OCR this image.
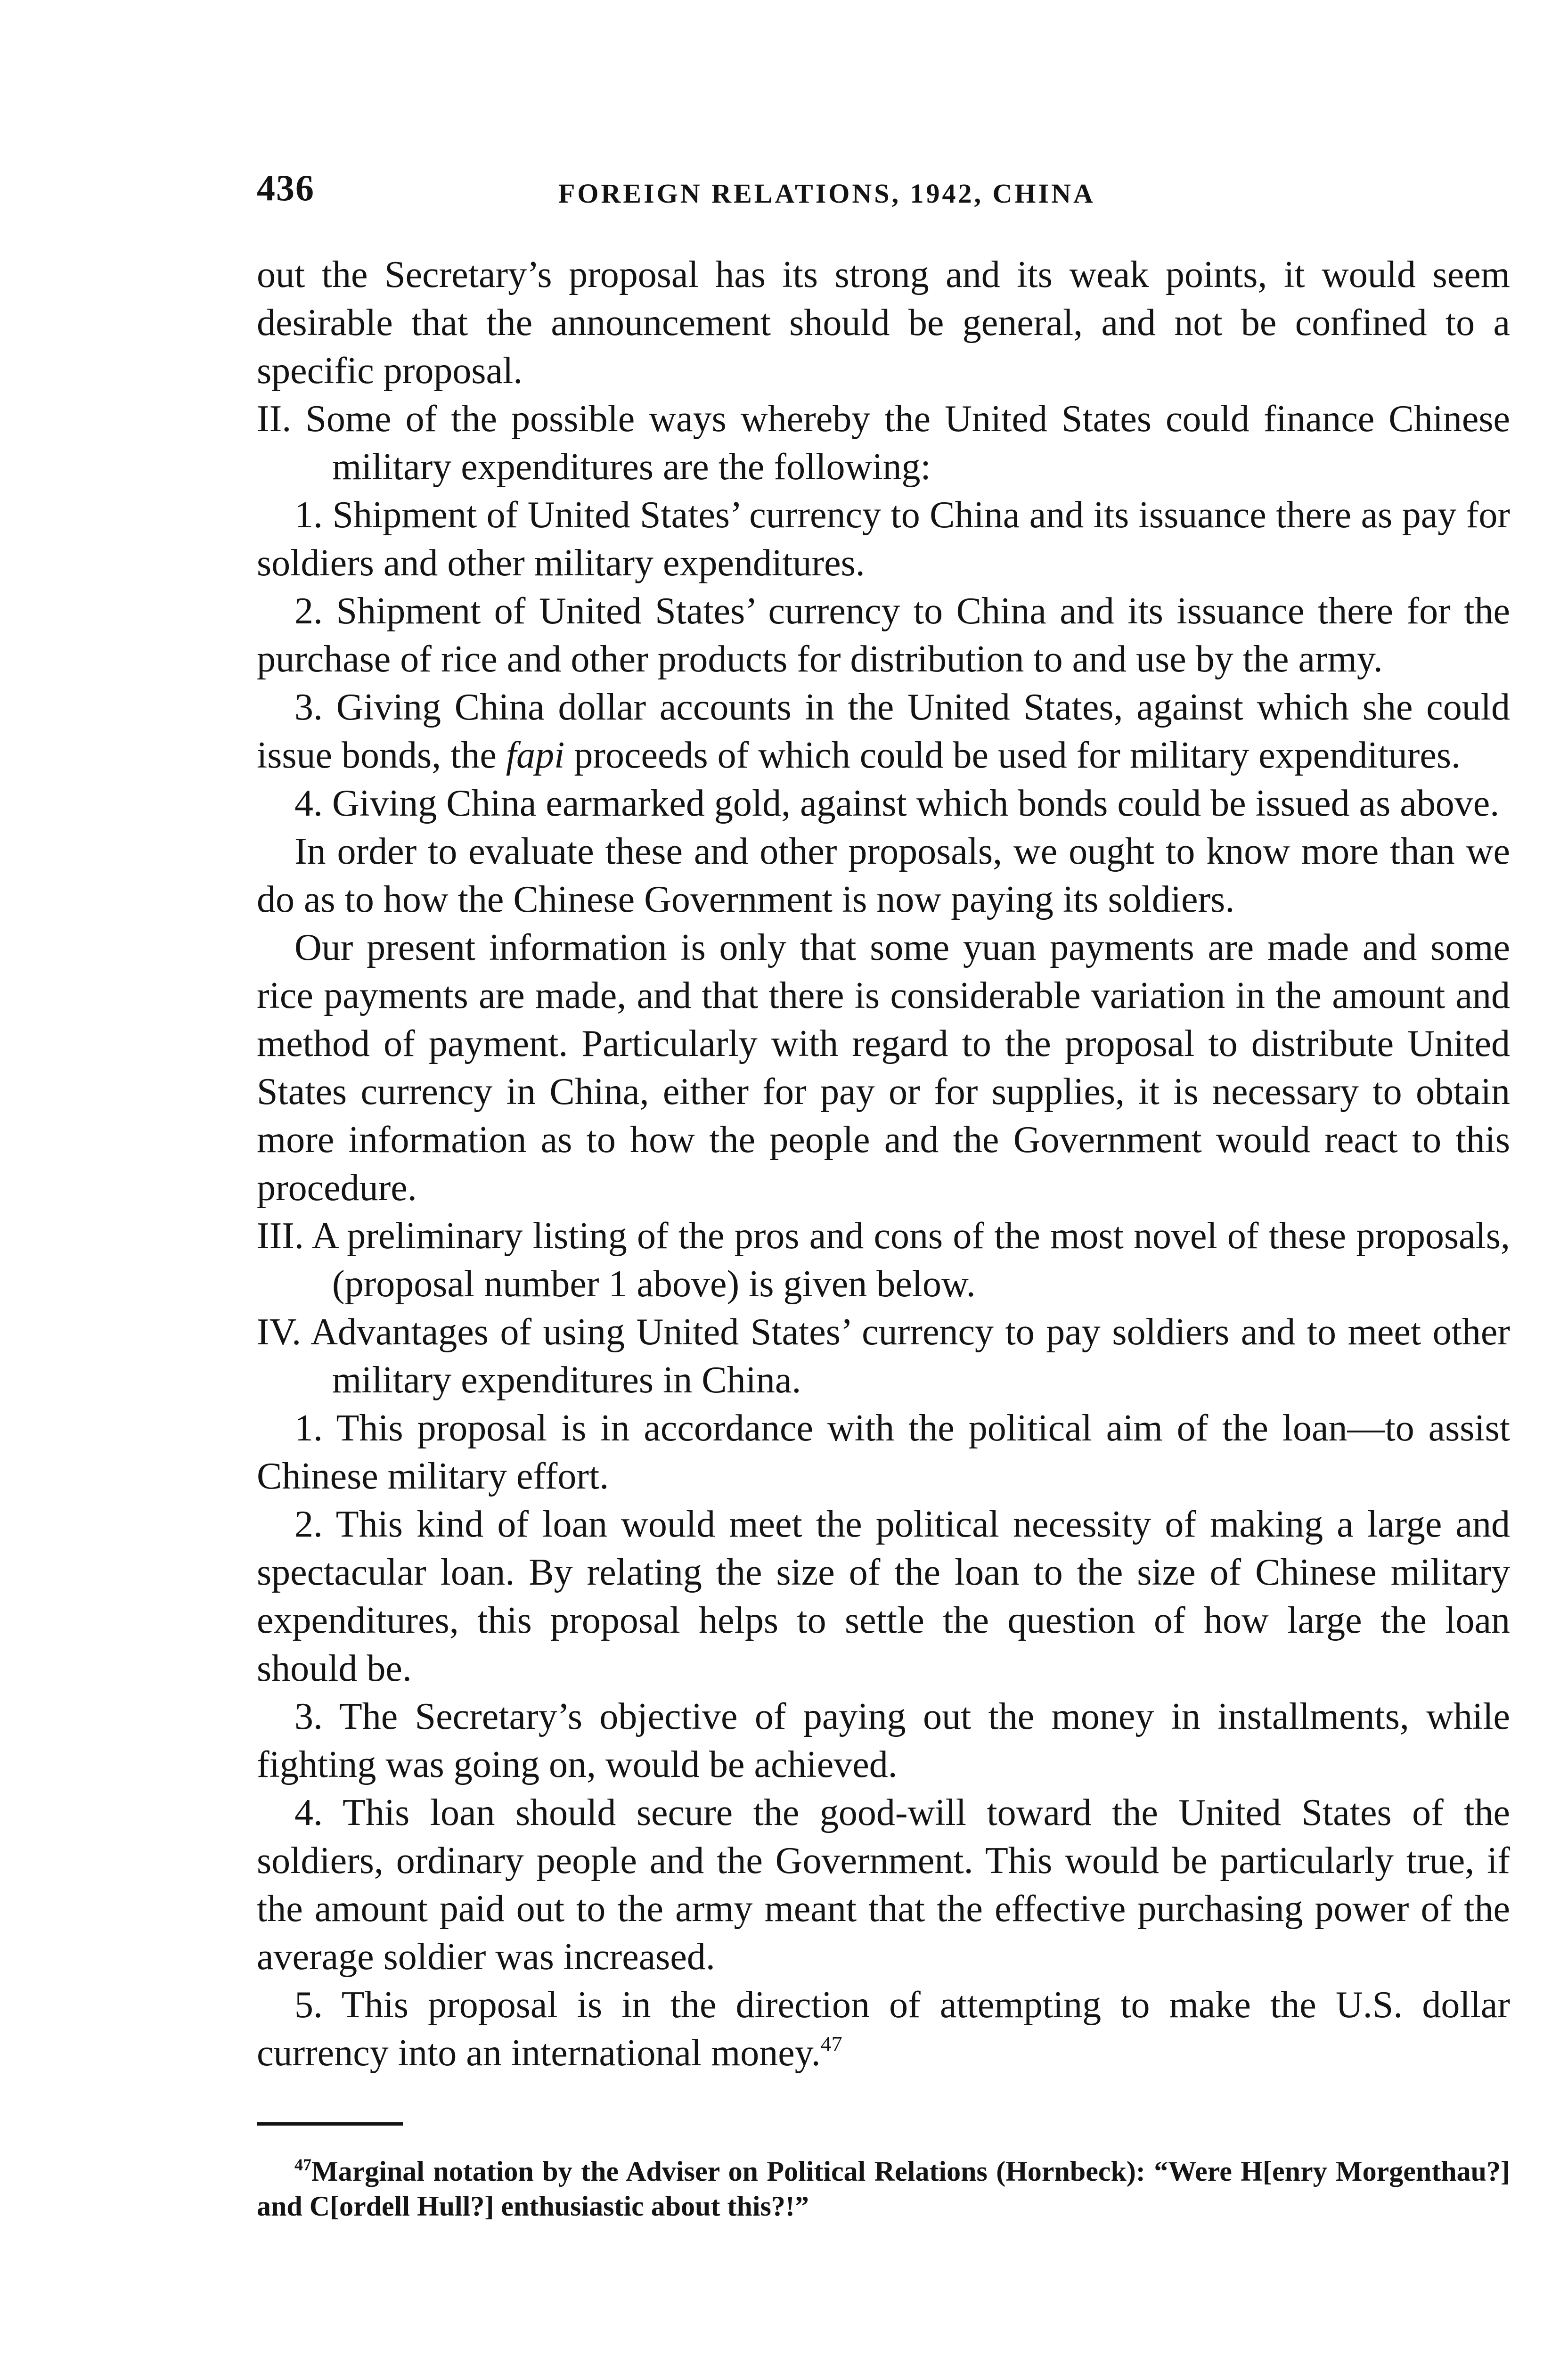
436	FOREIGN RELATIONS, 1942, CHINA

out the Secretary’s proposal has its strong and its weak points, it would seem desirable that the announcement should be general, and not be confined to a specific proposal.

II. Some of the possible ways whereby the United States could finance Chinese military expenditures are the following:

1. Shipment of United States’ currency to China and its issuance there as pay for soldiers and other military expenditures.

2. Shipment of United States’ currency to China and its issuance there for the purchase of rice and other products for distribution to and use by the army.

3. Giving China dollar accounts in the United States, against which she could issue bonds, the fapi proceeds of which could be used for military expenditures.

4. Giving China earmarked gold, against which bonds could be issued as above.

In order to evaluate these and other proposals, we ought to know more than we do as to how the Chinese Government is now paying its soldiers.

Our present information is only that some yuan payments are made and some rice payments are made, and that there is considerable variation in the amount and method of payment. Particularly with regard to the proposal to distribute United States currency in China, either for pay or for supplies, it is necessary to obtain more information as to how the people and the Government would react to this procedure.

III. A preliminary listing of the pros and cons of the most novel of these proposals, (proposal number 1 above) is given below.

IV. Advantages of using United States’ currency to pay soldiers and to meet other military expenditures in China.

1. This proposal is in accordance with the political aim of the loan—to assist Chinese military effort.

2. This kind of loan would meet the political necessity of making a large and spectacular loan. By relating the size of the loan to the size of Chinese military expenditures, this proposal helps to settle the question of how large the loan should be.

3. The Secretary’s objective of paying out the money in installments, while fighting was going on, would be achieved.

4. This loan should secure the good-will toward the United States of the soldiers, ordinary people and the Government. This would be particularly true, if the amount paid out to the army meant that the effective purchasing power of the average soldier was increased.

5. This proposal is in the direction of attempting to make the U.S. dollar currency into an international money.$^{47}$

$^{47}$Marginal notation by the Adviser on Political Relations (Hornbeck): “Were H[enry Morgenthau?] and C[ordell Hull?] enthusiastic about this?!”
